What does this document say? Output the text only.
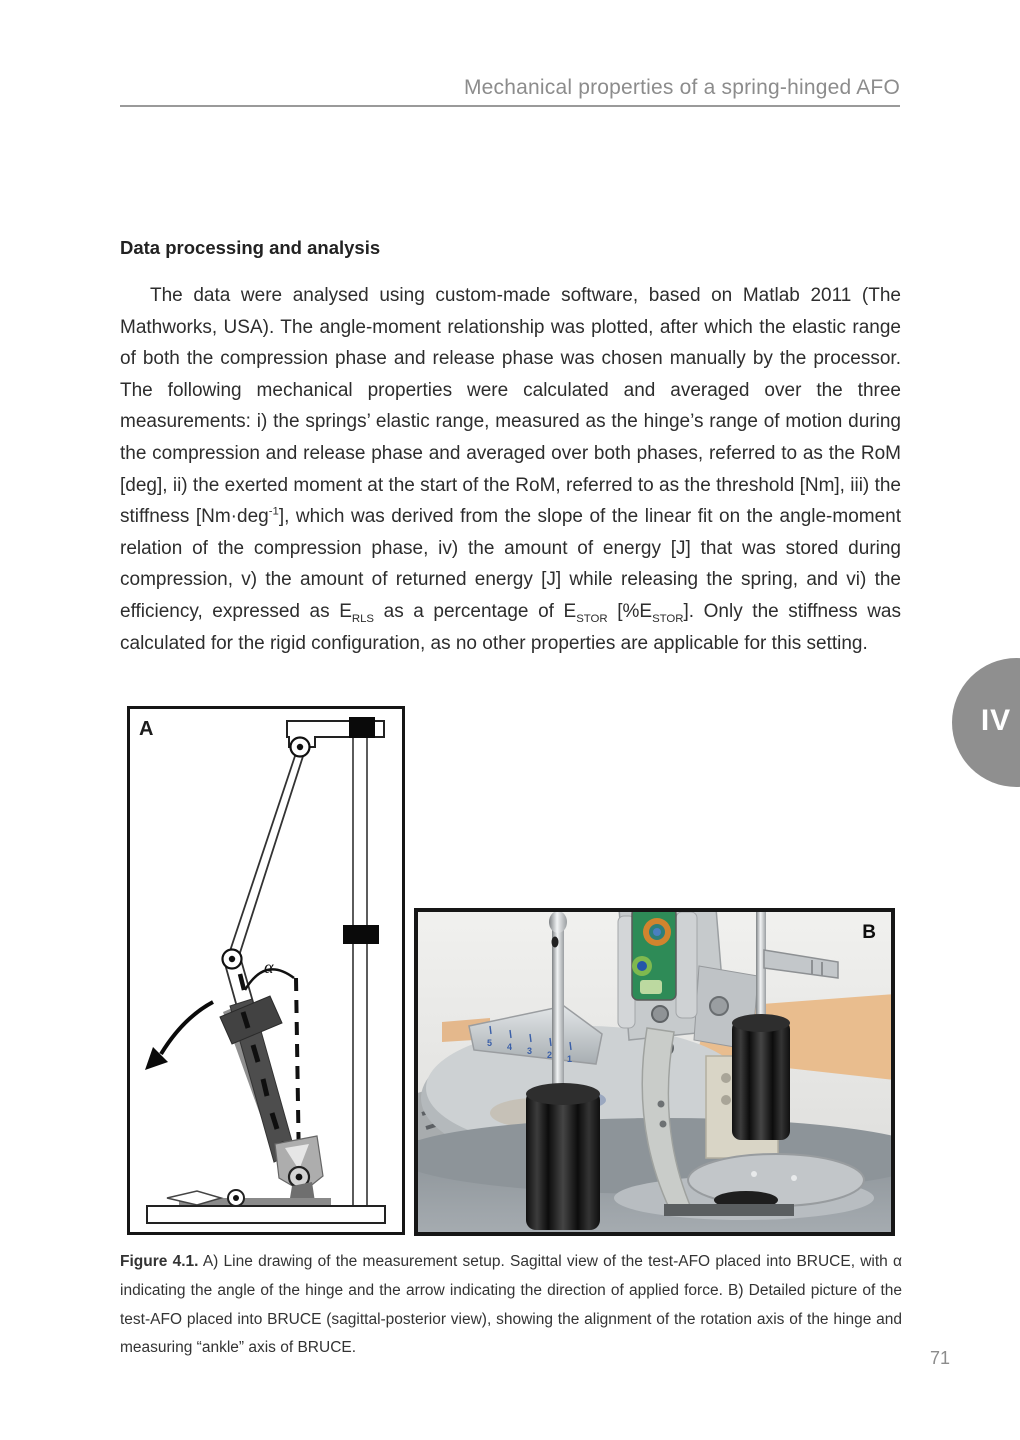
Mechanical properties of a spring-hinged AFO
Data processing and analysis

The data were analysed using custom-made software, based on Matlab 2011 (The Mathworks, USA). The angle-moment relationship was plotted, after which the elastic range of both the compression phase and release phase was chosen manually by the processor. The following mechanical properties were calculated and averaged over the three measurements: i) the springs’ elastic range, measured as the hinge’s range of motion during the compression and release phase and averaged over both phases, referred to as the RoM [deg], ii) the exerted moment at the start of the RoM, referred to as the threshold [Nm], iii) the stiffness [Nm·deg$^{-1}$], which was derived from the slope of the linear fit on the angle-moment relation of the compression phase, iv) the amount of energy [J] that was stored during compression, v) the amount of returned energy [J] while releasing the spring, and vi) the efficiency, expressed as $E_{RLS}$ as a percentage of $E_{STOR}$ $[\%E_{STOR}]$. Only the stiffness was calculated for the rigid configuration, as no other properties are applicable for this setting.

α
A
5 4 3 2 1
B

Figure 4.1. A) Line drawing of the measurement setup. Sagittal view of the test-AFO placed into BRUCE, with α indicating the angle of the hinge and the arrow indicating the direction of applied force. B) Detailed picture of the test-AFO placed into BRUCE (sagittal-posterior view), showing the alignment of the rotation axis of the hinge and measuring “ankle” axis of BRUCE.

71
IV
